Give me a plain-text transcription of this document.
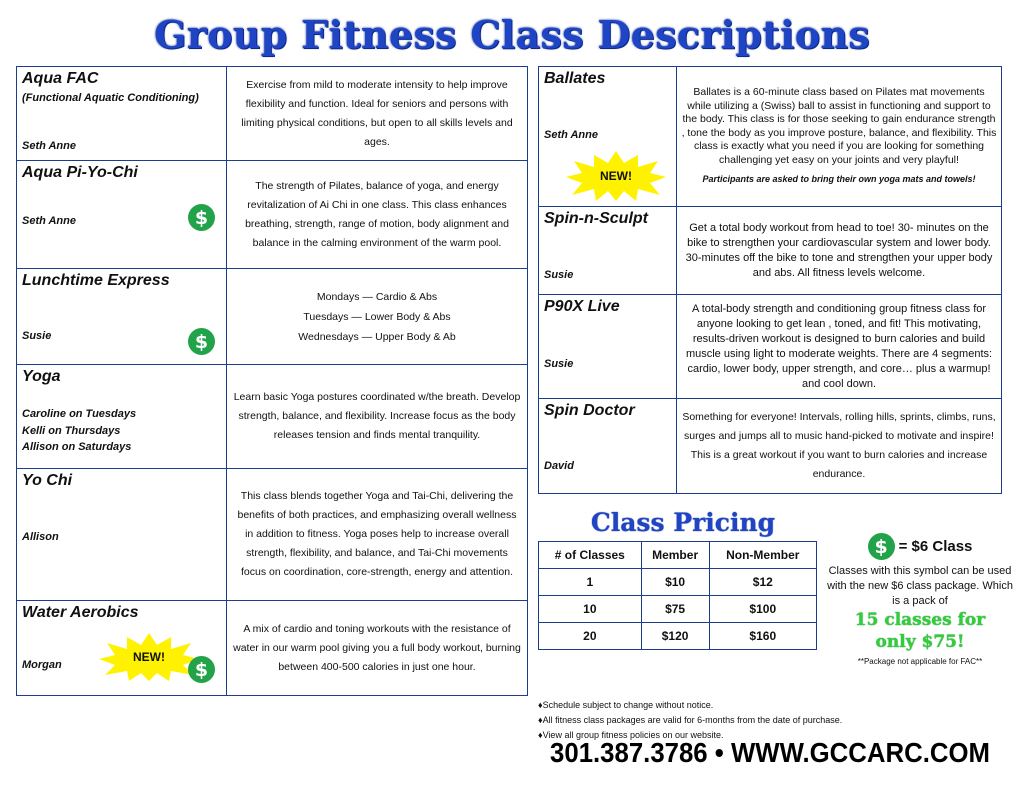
Group Fitness Class Descriptions
Aqua FAC
(Functional Aquatic Conditioning)
Seth Anne
Exercise from mild to moderate intensity to help improve flexibility and function. Ideal for seniors and persons with limiting physical conditions, but open to all skills levels and ages.
Aqua Pi-Yo-Chi
Seth Anne	$
The strength of Pilates, balance of yoga, and energy revitalization of Ai Chi in one class. This class enhances breathing, strength, range of motion, body alignment and balance in the calming environment of the warm pool.
Lunchtime Express
Susie	$
Mondays — Cardio & Abs
Tuesdays — Lower Body & Abs
Wednesdays — Upper Body & Ab
Yoga
Caroline on Tuesdays
Kelli on Thursdays
Allison on Saturdays
Learn basic Yoga postures coordinated w/the breath. Develop strength, balance, and flexibility. Increase focus as the body releases tension and finds mental tranquility.
Yo Chi
Allison
This class blends together Yoga and Tai-Chi, delivering the benefits of both practices, and emphasizing overall wellness in addition to fitness. Yoga poses help to increase overall strength, flexibility, and balance, and Tai-Chi movements focus on coordination, core-strength, energy and attention.
Water Aerobics
Morgan
NEW!
$
A mix of cardio and toning workouts with the resistance of water in our warm pool giving you a full body workout, burning between 400-500 calories in just one hour.
Ballates
Seth Anne
NEW!
Ballates is a 60-minute class based on Pilates mat movements while utilizing a (Swiss) ball to assist in functioning and support to the body. This class is for those seeking to gain endurance strength , tone the body as you improve posture, balance, and flexibility. This class is exactly what you need if you are looking for something challenging yet easy on your joints and very playful!
Participants are asked to bring their own yoga mats and towels!
Spin-n-Sculpt
Susie
Get a total body workout from head to toe! 30- minutes on the bike to strengthen your cardiovascular system and lower body. 30-minutes off the bike to tone and strengthen your upper body and abs. All fitness levels welcome.
P90X Live
Susie
A total-body strength and conditioning group fitness class for anyone looking to get lean , toned, and fit! This motivating, results-driven workout is designed to burn calories and build muscle using light to moderate weights. There are 4 segments: cardio, lower body, upper strength, and core… plus a warmup! and cool down.
Spin Doctor
David
Something for everyone! Intervals, rolling hills, sprints, climbs, runs, surges and jumps all to music hand-picked to motivate and inspire! This is a great workout if you want to burn calories and increase endurance.
Class Pricing
# of Classes	Member	Non-Member
1	$10	$12
10	$75	$100
20	$120	$160
$ = $6 Class
Classes with this symbol can be used with the new $6 class package. Which is a pack of
15 classes for
only $75!
**Package not applicable for FAC**
♦Schedule subject to change without notice.
♦All fitness class packages are valid for 6-months from the date of purchase.
♦View all group fitness policies on our website.
301.387.3786 • WWW.GCCARC.COM
